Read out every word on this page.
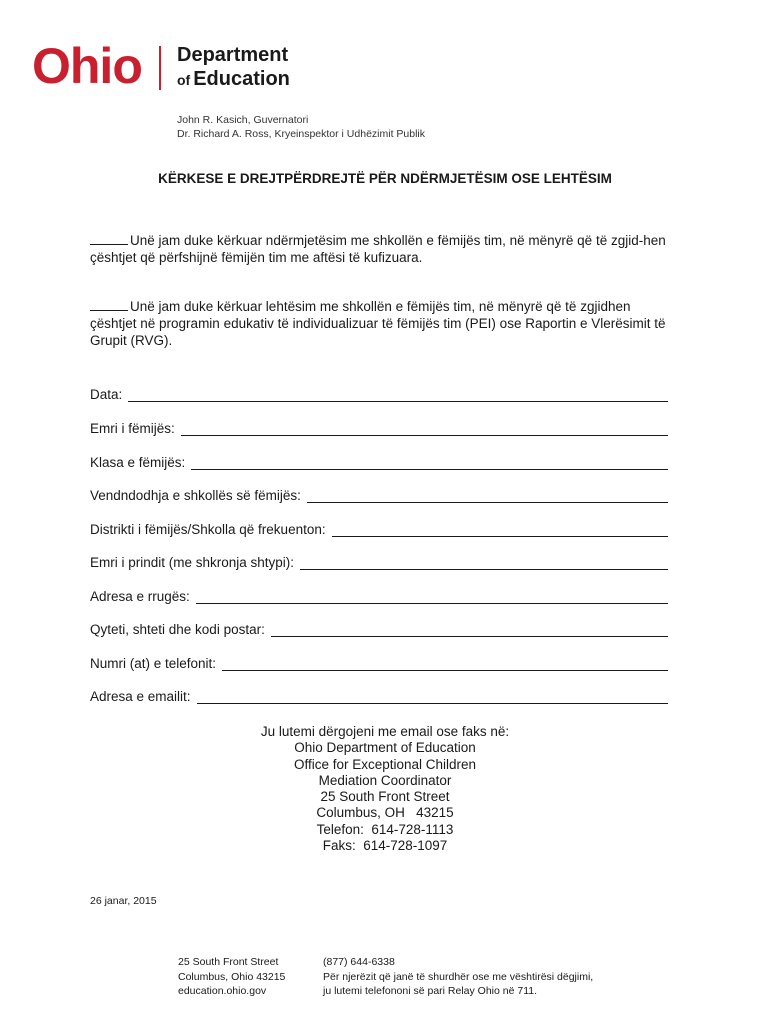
Ohio Department
of Education
John R. Kasich, Guvernatori
Dr. Richard A. Ross, Kryeinspektor i Udhëzimit Publik
KËRKESE E DREJTPËRDREJTË PËR NDËRMJETËSIM OSE LEHTËSIM
Unë jam duke kërkuar ndërmjetësim me shkollën e fëmijës tim, në mënyrë që të zgjid-hen çështjet që përfshijnë fëmijën tim me aftësi të kufizuara.
Unë jam duke kërkuar lehtësim me shkollën e fëmijës tim, në mënyrë që të zgjidhen çështjet në programin edukativ të individualizuar të fëmijës tim (PEI) ose Raportin e Vlerësimit të Grupit (RVG).
Data:
Emri i fëmijës:
Klasa e fëmijës:
Vendndodhja e shkollës së fëmijës:
Distrikti i fëmijës/Shkolla që frekuenton:
Emri i prindit (me shkronja shtypi):
Adresa e rrugës:
Qyteti, shteti dhe kodi postar:
Numri (at) e telefonit:
Adresa e emailit:
Ju lutemi dërgojeni me email ose faks në:
Ohio Department of Education
Office for Exceptional Children
Mediation Coordinator
25 South Front Street
Columbus, OH   43215
Telefon:  614-728-1113
Faks:  614-728-1097
26 janar, 2015
25 South Front Street
Columbus, Ohio 43215
education.ohio.gov
(877) 644-6338
Për njerëzit që janë të shurdhër ose me vështirësi dëgjimi,
ju lutemi telefononi së pari Relay Ohio në 711.
